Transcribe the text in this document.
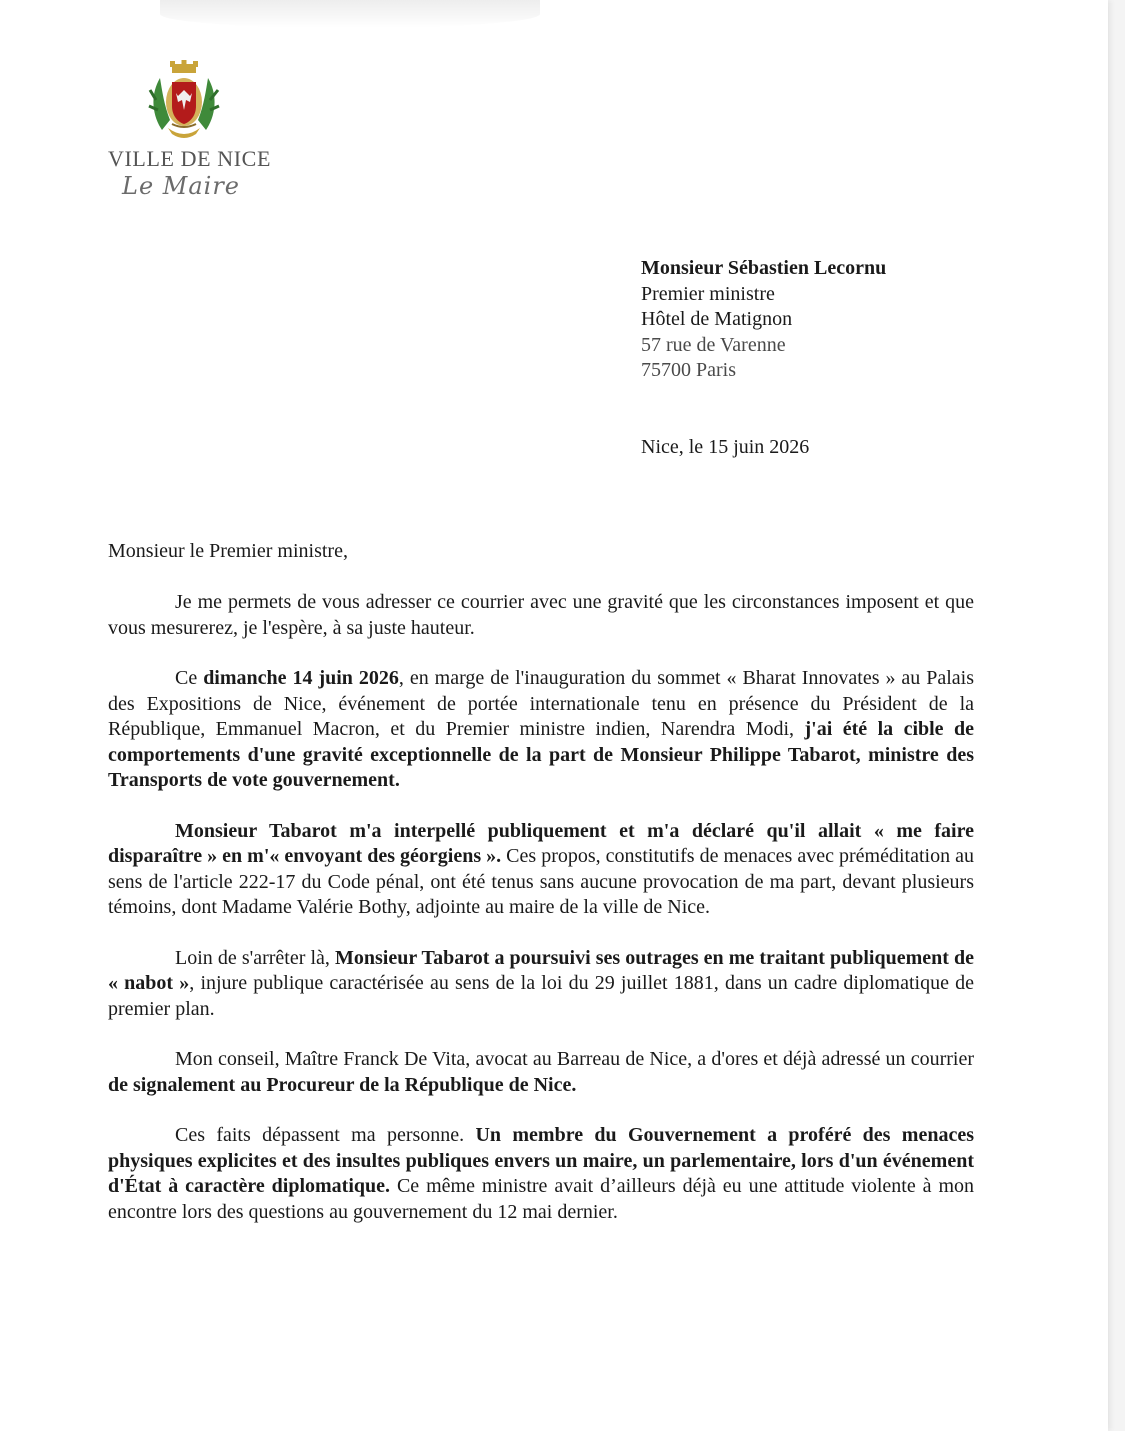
VILLE DE NICE
Le Maire
Monsieur Sébastien Lecornu
Premier ministre
Hôtel de Matignon
57 rue de Varenne
75700 Paris
Nice, le 15 juin 2026
Monsieur le Premier ministre,

Je me permets de vous adresser ce courrier avec une gravité que les circonstances imposent et que vous mesurerez, je l'espère, à sa juste hauteur.

Ce dimanche 14 juin 2026, en marge de l'inauguration du sommet « Bharat Innovates » au Palais des Expositions de Nice, événement de portée internationale tenu en présence du Président de la République, Emmanuel Macron, et du Premier ministre indien, Narendra Modi, j'ai été la cible de comportements d'une gravité exceptionnelle de la part de Monsieur Philippe Tabarot, ministre des Transports de vote gouvernement.

Monsieur Tabarot m'a interpellé publiquement et m'a déclaré qu'il allait « me faire disparaître » en m'« envoyant des géorgiens ». Ces propos, constitutifs de menaces avec préméditation au sens de l'article 222-17 du Code pénal, ont été tenus sans aucune provocation de ma part, devant plusieurs témoins, dont Madame Valérie Bothy, adjointe au maire de la ville de Nice.

Loin de s'arrêter là, Monsieur Tabarot a poursuivi ses outrages en me traitant publiquement de « nabot », injure publique caractérisée au sens de la loi du 29 juillet 1881, dans un cadre diplomatique de premier plan.

Mon conseil, Maître Franck De Vita, avocat au Barreau de Nice, a d'ores et déjà adressé un courrier de signalement au Procureur de la République de Nice.

Ces faits dépassent ma personne. Un membre du Gouvernement a proféré des menaces physiques explicites et des insultes publiques envers un maire, un parlementaire, lors d'un événement d'État à caractère diplomatique. Ce même ministre avait d’ailleurs déjà eu une attitude violente à mon encontre lors des questions au gouvernement du 12 mai dernier.
